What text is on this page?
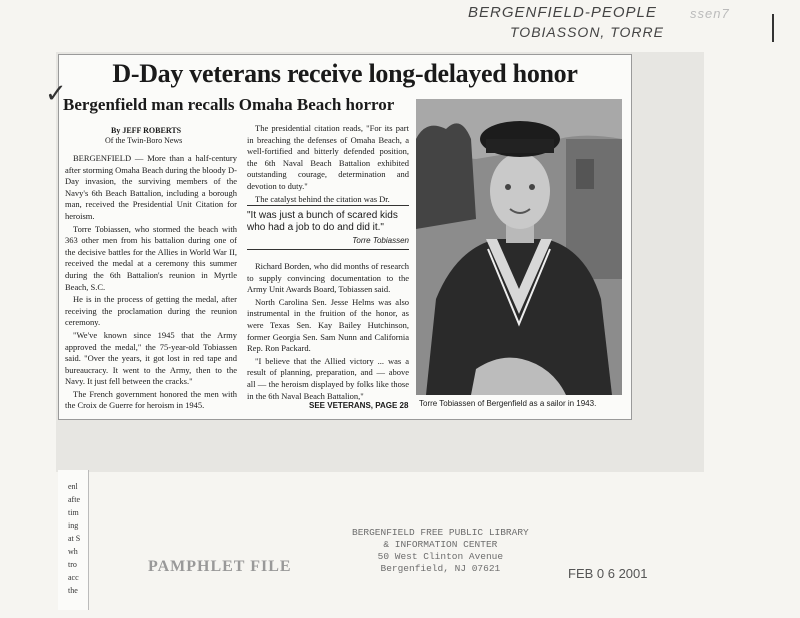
BERGENFIELD-PEOPLE
TOBIASSON, TORRE
ssen7
✓
D-Day veterans receive long-delayed honor
Bergenfield man recalls Omaha Beach horror
By JEFF ROBERTS
Of the Twin-Boro News

BERGENFIELD — More than a half-century after storming Omaha Beach during the bloody D-Day invasion, the surviving members of the Navy's 6th Beach Battalion, including a borough man, received the Presidential Unit Citation for heroism.

Torre Tobiassen, who stormed the beach with 363 other men from his battalion during one of the decisive battles for the Allies in World War II, received the medal at a ceremony this summer during the 6th Battalion's reunion in Myrtle Beach, S.C.

He is in the process of getting the medal, after receiving the proclamation during the reunion ceremony.

"We've known since 1945 that the Army approved the medal," the 75-year-old Tobiassen said. "Over the years, it got lost in red tape and bureaucracy. It went to the Army, then to the Navy. It just fell between the cracks."

The French government honored the men with the Croix de Guerre for heroism in 1945.

The presidential citation reads, "For its part in breaching the defenses of Omaha Beach, a well-fortified and bitterly defended position, the 6th Naval Beach Battalion exhibited outstanding courage, determination and devotion to duty."

The catalyst behind the citation was Dr.

"It was just a bunch of scared kids who had a job to do and did it."
Torre Tobiassen

Richard Borden, who did months of research to supply convincing documentation to the Army Unit Awards Board, Tobiassen said.

North Carolina Sen. Jesse Helms was also instrumental in the fruition of the honor, as were Texas Sen. Kay Bailey Hutchinson, former Georgia Sen. Sam Nunn and California Rep. Ron Packard.

"I believe that the Allied victory ... was a result of planning, preparation, and — above all — the heroism displayed by folks like those in the 6th Naval Beach Battalion,"

SEE VETERANS, PAGE 28 Torre Tobiassen of Bergenfield as a sailor in 1943.
enl
afte
tim
ing
at S
wh
tro
acc
the
PAMPHLET FILE
BERGENFIELD FREE PUBLIC LIBRARY
& INFORMATION CENTER
50 West Clinton Avenue
Bergenfield, NJ 07621	FEB 0 6 2001
